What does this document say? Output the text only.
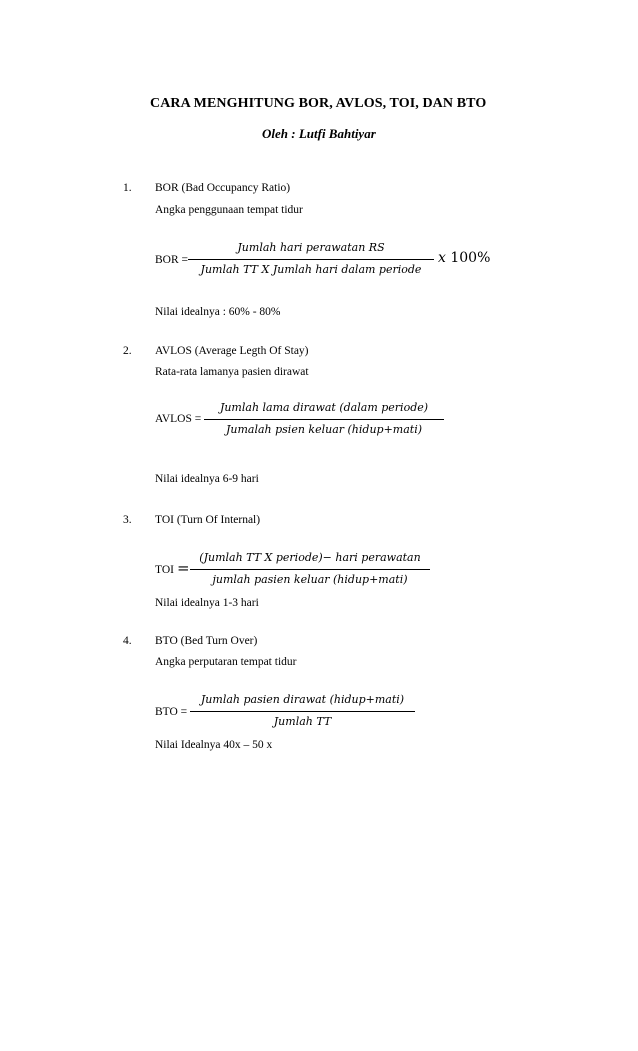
CARA MENGHITUNG BOR, AVLOS, TOI, DAN BTO
Oleh : Lutfi Bahtiyar
1. BOR (Bad Occupancy Ratio)
Angka penggunaan tempat tidur
BOR =
Jumlah hari perawatan RS
Jumlah TT X Jumlah hari dalam periode
x 100%
Nilai idealnya : 60% - 80%
2. AVLOS (Average Legth Of Stay)
Rata-rata lamanya pasien dirawat
AVLOS =
Jumlah lama dirawat (dalam periode)
Jumalah psien keluar (hidup+mati)
Nilai idealnya 6-9 hari
3. TOI (Turn Of Internal)
TOI =
(Jumlah TT X periode)− hari perawatan
jumlah pasien keluar (hidup+mati)
Nilai idealnya 1-3 hari
4. BTO (Bed Turn Over)
Angka perputaran tempat tidur
BTO =
Jumlah pasien dirawat (hidup+mati)
Jumlah TT
Nilai Idealnya 40x – 50 x
